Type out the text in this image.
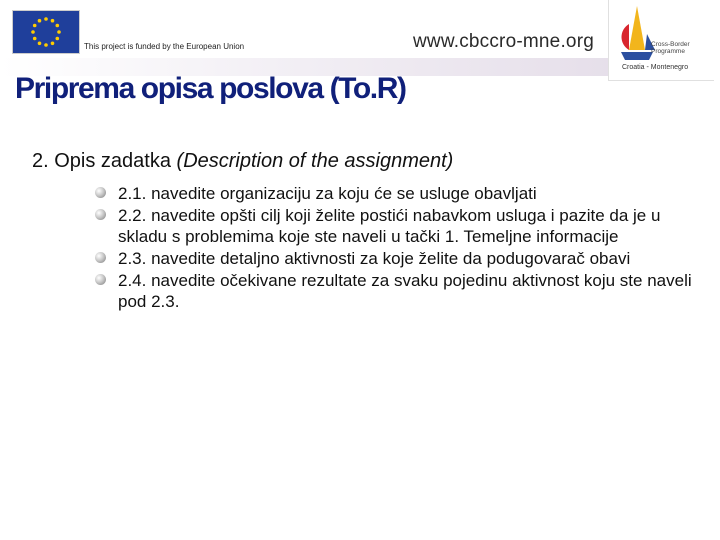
This project is funded by the European Union	www.cbccro-mne.org	Cross-Border
Programme
Croatia - Montenegro
Priprema opisa poslova (To.R)
2. Opis zadatka (Description of the assignment)
2.1. navedite organizaciju za koju će se usluge obavljati
2.2. navedite opšti cilj koji želite postići nabavkom usluga i pazite da je u skladu s problemima koje ste naveli u tački 1. Temeljne informacije
2.3. navedite detaljno aktivnosti za koje želite da podugovarač obavi
2.4. navedite očekivane rezultate za svaku pojedinu aktivnost koju ste naveli pod 2.3.
